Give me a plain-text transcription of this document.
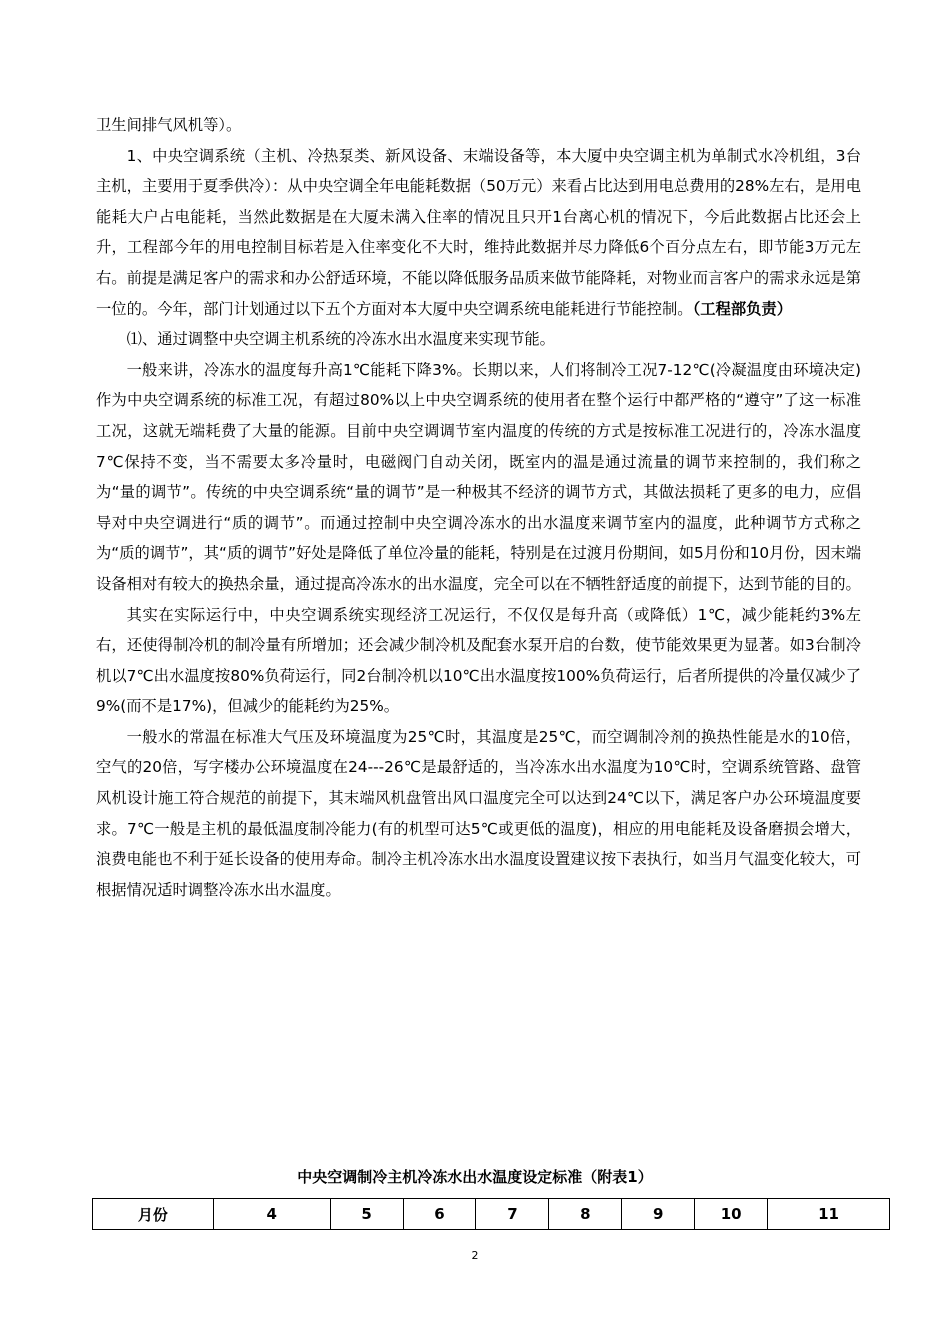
卫生间排气风机等）。

1、中央空调系统（主机、冷热泵类、新风设备、末端设备等，本大厦中央空调主机为单制式水冷机组，3台主机，主要用于夏季供冷）：从中央空调全年电能耗数据（50万元）来看占比达到用电总费用的28%左右，是用电能耗大户占电能耗，当然此数据是在大厦未满入住率的情况且只开1台离心机的情况下，今后此数据占比还会上升，工程部今年的用电控制目标若是入住率变化不大时，维持此数据并尽力降低6个百分点左右，即节能3万元左右。前提是满足客户的需求和办公舒适环境，不能以降低服务品质来做节能降耗，对物业而言客户的需求永远是第一位的。今年，部门计划通过以下五个方面对本大厦中央空调系统电能耗进行节能控制。（工程部负责）

⑴、通过调整中央空调主机系统的冷冻水出水温度来实现节能。

一般来讲，冷冻水的温度每升高1℃能耗下降3%。长期以来，人们将制冷工况7-12℃(冷凝温度由环境决定)作为中央空调系统的标准工况，有超过80%以上中央空调系统的使用者在整个运行中都严格的“遵守”了这一标准工况，这就无端耗费了大量的能源。目前中央空调调节室内温度的传统的方式是按标准工况进行的，冷冻水温度7℃保持不变，当不需要太多冷量时，电磁阀门自动关闭，既室内的温是通过流量的调节来控制的，我们称之为“量的调节”。传统的中央空调系统“量的调节”是一种极其不经济的调节方式，其做法损耗了更多的电力，应倡导对中央空调进行“质的调节”。而通过控制中央空调冷冻水的出水温度来调节室内的温度，此种调节方式称之为“质的调节”，其“质的调节”好处是降低了单位冷量的能耗，特别是在过渡月份期间，如5月份和10月份，因末端设备相对有较大的换热余量，通过提高冷冻水的出水温度，完全可以在不牺牲舒适度的前提下，达到节能的目的。

其实在实际运行中，中央空调系统实现经济工况运行，不仅仅是每升高（或降低）1℃，减少能耗约3%左右，还使得制冷机的制冷量有所增加；还会减少制冷机及配套水泵开启的台数，使节能效果更为显著。如3台制冷机以7℃出水温度按80%负荷运行，同2台制冷机以10℃出水温度按100%负荷运行，后者所提供的冷量仅减少了9%(而不是17%)，但减少的能耗约为25%。

一般水的常温在标准大气压及环境温度为25℃时，其温度是25℃，而空调制冷剂的换热性能是水的10倍，空气的20倍，写字楼办公环境温度在24---26℃是最舒适的，当冷冻水出水温度为10℃时，空调系统管路、盘管风机设计施工符合规范的前提下，其末端风机盘管出风口温度完全可以达到24℃以下，满足客户办公环境温度要求。7℃一般是主机的最低温度制冷能力(有的机型可达5℃或更低的温度)，相应的用电能耗及设备磨损会增大，浪费电能也不利于延长设备的使用寿命。制冷主机冷冻水出水温度设置建议按下表执行，如当月气温变化较大，可根据情况适时调整冷冻水出水温度。

中央空调制冷主机冷冻水出水温度设定标准（附表1）
月份	4	5	6	7	8	9	10	11
2
